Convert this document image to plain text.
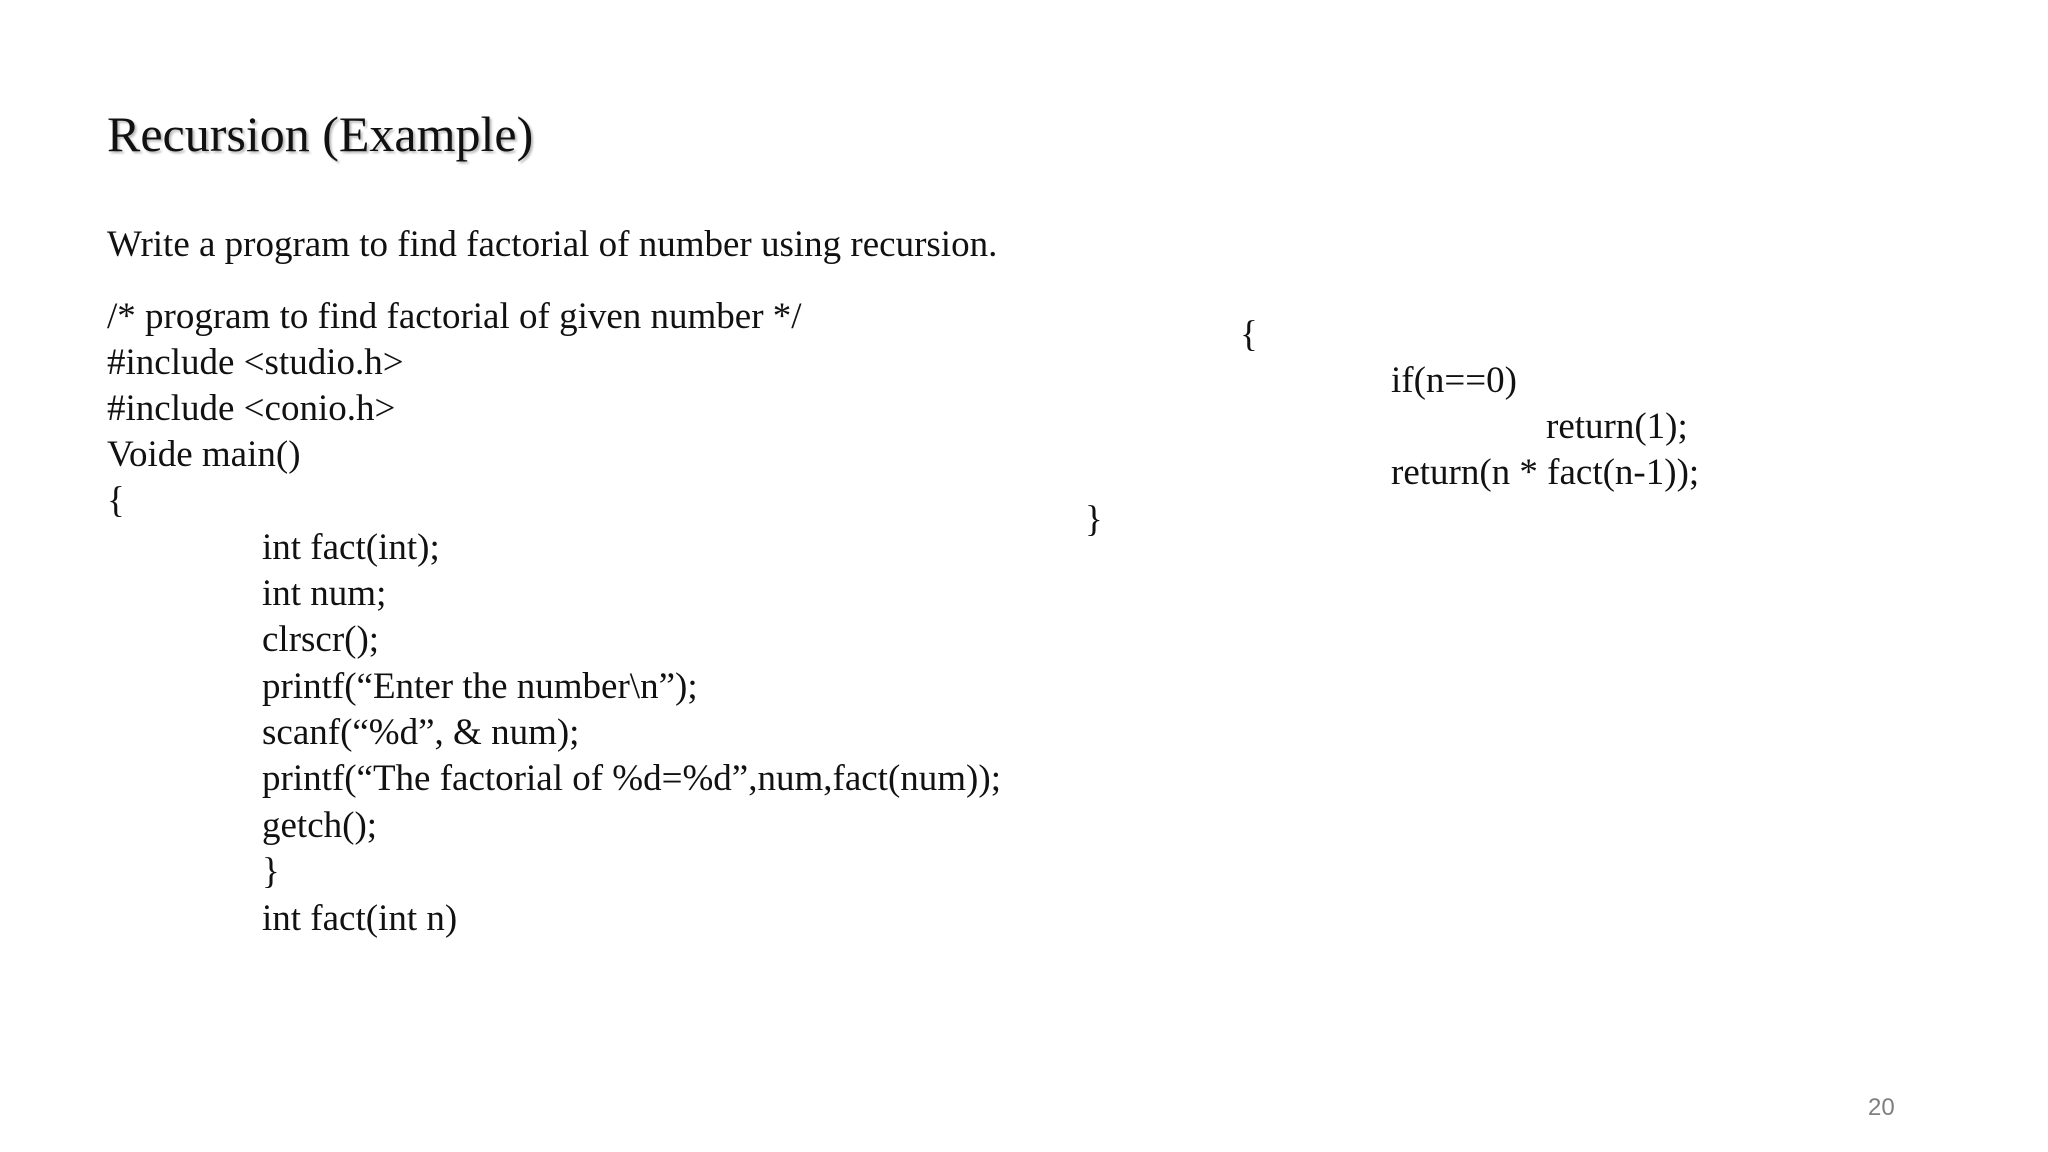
Recursion (Example)
Write a program to find factorial of number using recursion.
/* program to find factorial of given number */
#include <studio.h>
#include <conio.h>
Voide main()
{
int fact(int);
int num;
clrscr();
printf(“Enter the number\n”);
scanf(“%d”, & num);
printf(“The factorial of %d=%d”,num,fact(num));
getch();
}
int fact(int n)
{
if(n==0)
return(1);
return(n * fact(n-1));
}
20
